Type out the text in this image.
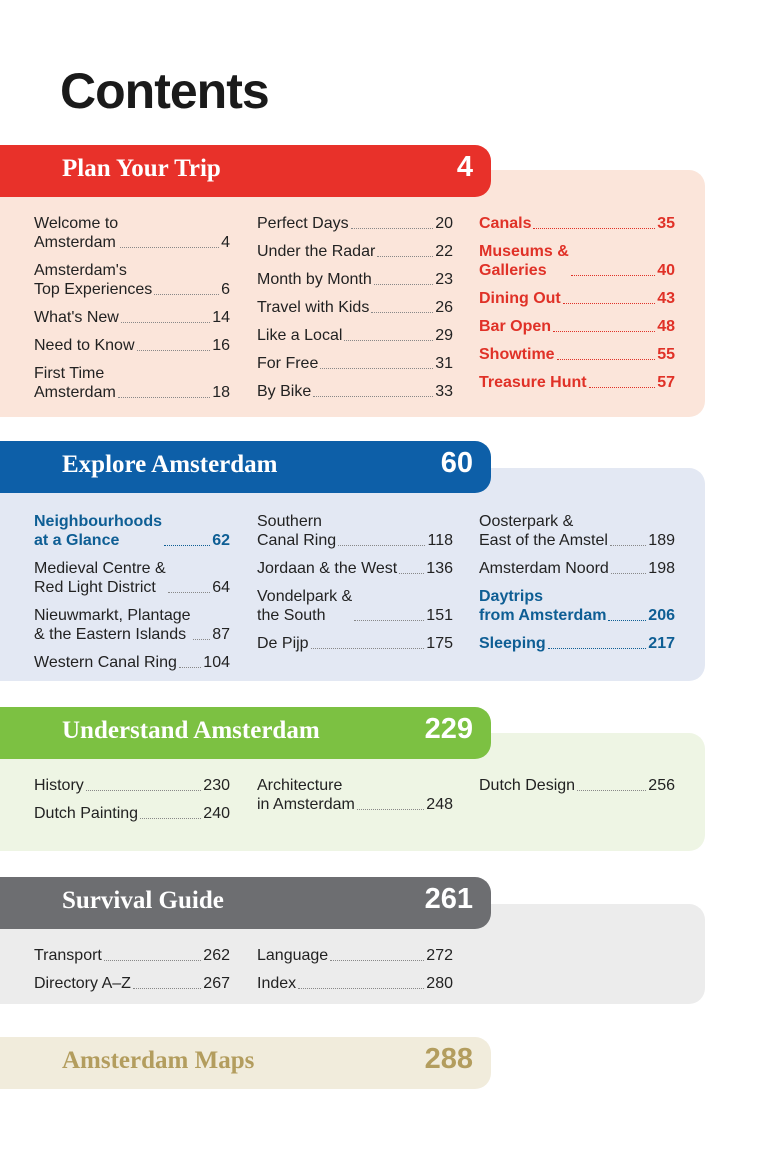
Contents
Plan Your Trip	4
Welcome to
Amsterdam	4
Amsterdam's
Top Experiences	6
What's New	14
Need to Know	16
First Time
Amsterdam	18
Perfect Days	20
Under the Radar	22
Month by Month	23
Travel with Kids	26
Like a Local	29
For Free	31
By Bike	33
Canals	35
Museums &
Galleries	40
Dining Out	43
Bar Open	48
Showtime	55
Treasure Hunt	57
Explore Amsterdam	60
Neighbourhoods
at a Glance	62
Medieval Centre &
Red Light District	64
Nieuwmarkt, Plantage
& the Eastern Islands 87
Western Canal Ring 104
Southern
Canal Ring	118
Jordaan & the West 136
Vondelpark &
the South	151
De Pijp	175
Oosterpark &
East of the Amstel	189
Amsterdam Noord 198
Daytrips
from Amsterdam	206
Sleeping	217
Understand Amsterdam	229
History	230
Dutch Painting	240
Architecture
in Amsterdam	248
Dutch Design	256
Survival Guide	261
Transport	262
Directory A–Z	267
Language	272
Index	280
Amsterdam Maps	288
